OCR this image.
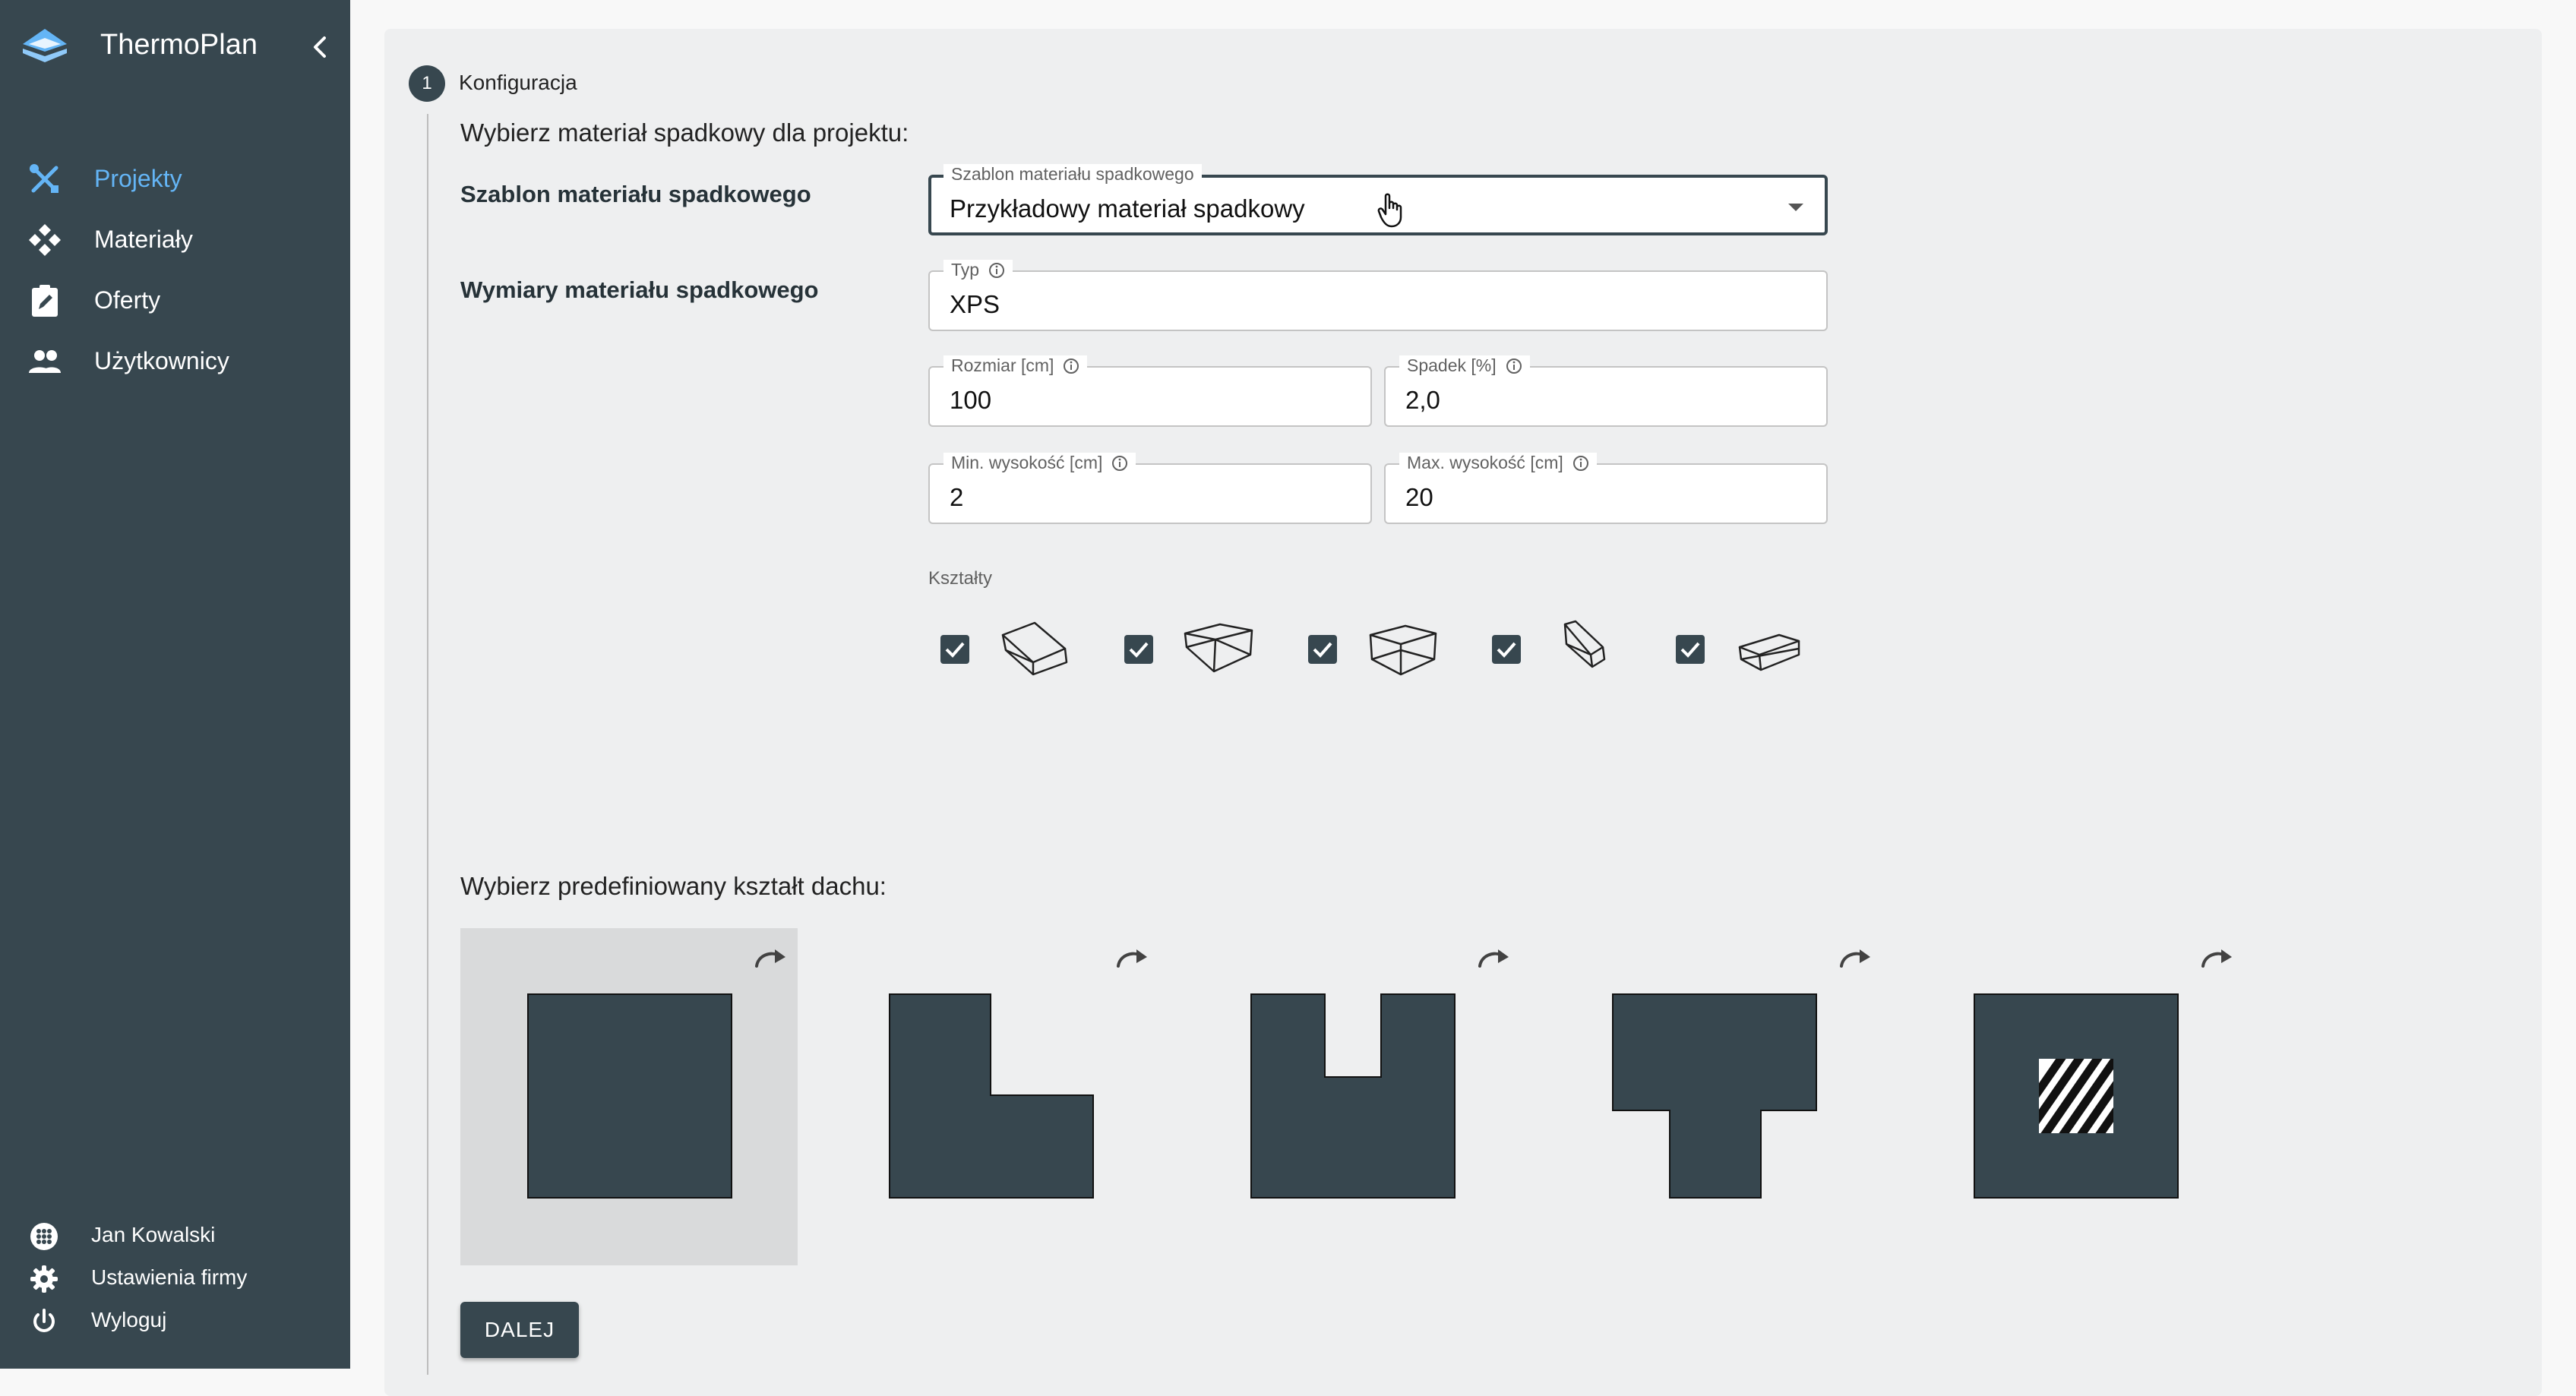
ThermoPlan
Projekty
Materiały
Oferty
Użytkownicy
Jan Kowalski
Ustawienia firmy
Wyloguj
1	Konfiguracja
Wybierz materiał spadkowy dla projektu:
Szablon materiału spadkowego
Wymiary materiału spadkowego
Szablon materiału spadkowego
Przykładowy materiał spadkowy
Typ
XPS
Rozmiar [cm]
100
Spadek [%]
2,0
Min. wysokość [cm]
2
Max. wysokość [cm]
20
Kształty
Wybierz predefiniowany kształt dachu:
DALEJ
